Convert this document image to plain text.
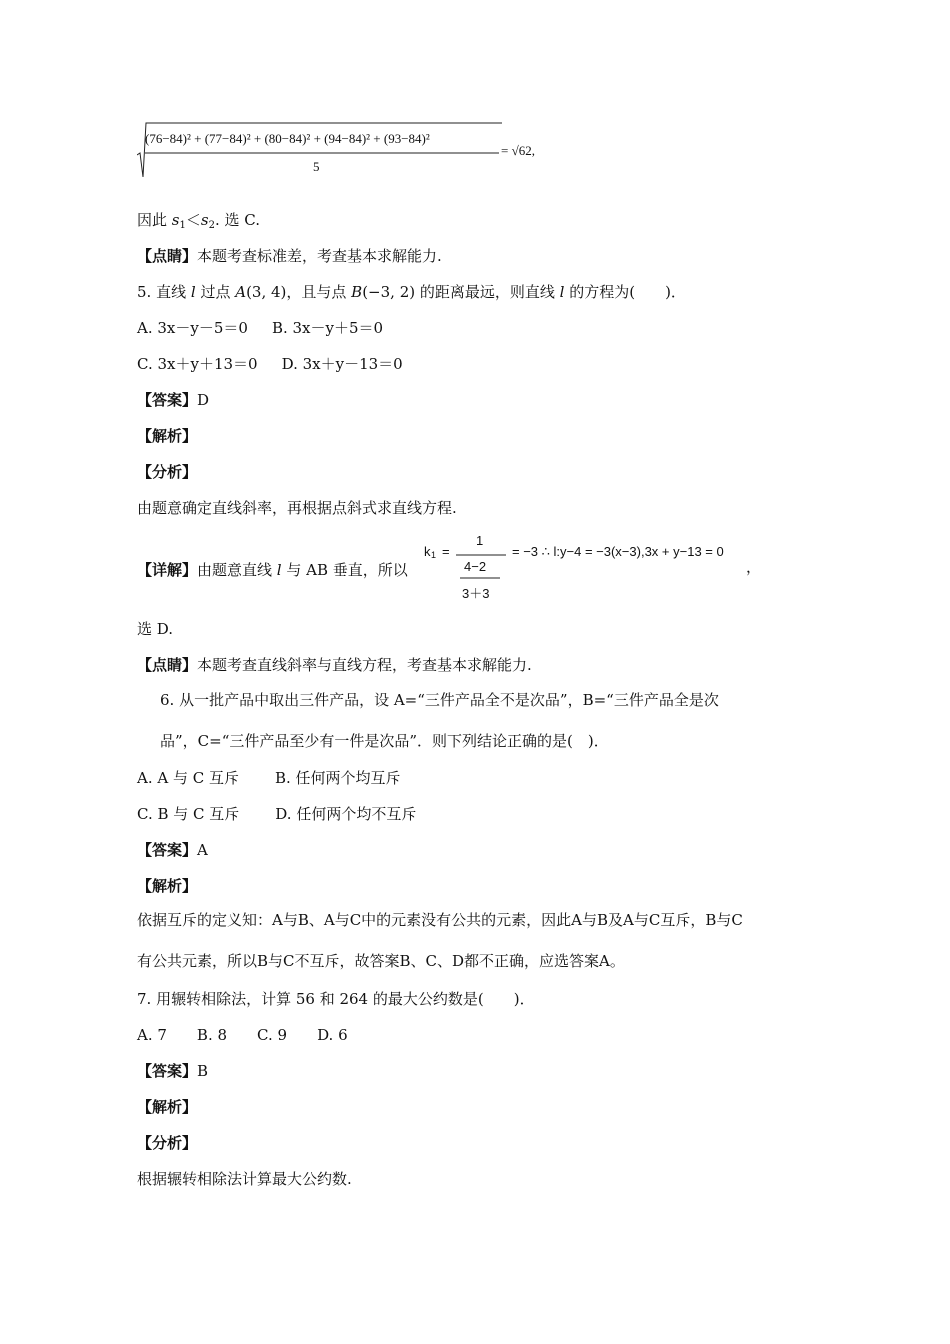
(76−84)² + (77−84)² + (80−84)² + (94−84)² + (93−84)²
5
= √62,
因此 $s_1<s_2$. 选 C.
【点睛】本题考查标准差，考查基本求解能力.
5. 直线 l 过点 A(3, 4)，且与点 B(−3, 2) 的距离最远，则直线 l 的方程为(　　)．
A. 3x－y－5＝0 B. 3x－y＋5＝0
C. 3x＋y＋13＝0 D. 3x＋y－13＝0
【答案】D
【解析】
【分析】
由题意确定直线斜率，再根据点斜式求直线方程.
【详解】由题意直线 l 与 AB 垂直，所以
k 1 =
1
4−2
3＋3
= −3 ∴ l:y−4 = −3(x−3),3x + y−13 = 0
，
选 D.
【点睛】本题考查直线斜率与直线方程，考查基本求解能力.
6. 从一批产品中取出三件产品，设 A=“三件产品全不是次品”，B=“三件产品全是次
品”，C=“三件产品至少有一件是次品”．则下列结论正确的是(　)．
A. A 与 C 互斥 B. 任何两个均互斥
C. B 与 C 互斥 D. 任何两个均不互斥
【答案】A
【解析】
依据互斥的定义知：A与B、A与C中的元素没有公共的元素，因此A与B及A与C互斥，B与C
有公共元素，所以B与C不互斥，故答案B、C、D都不正确，应选答案A。
7. 用辗转相除法，计算 56 和 264 的最大公约数是(　　)．
A. 7 B. 8 C. 9 D. 6
【答案】B
【解析】
【分析】
根据辗转相除法计算最大公约数.
